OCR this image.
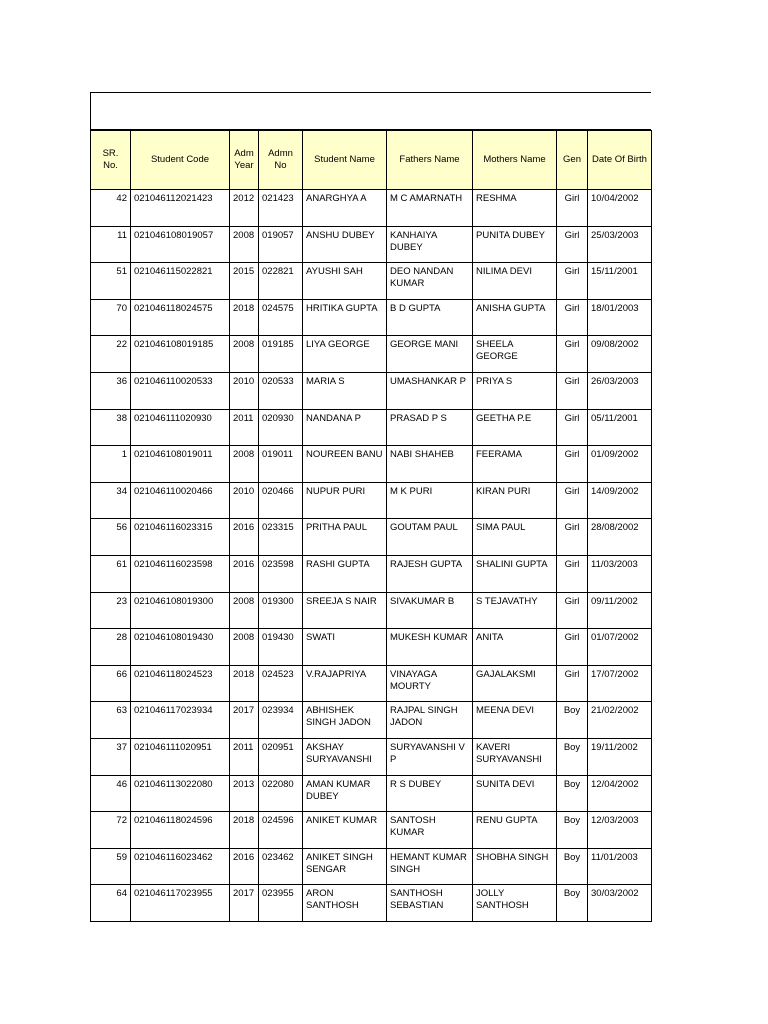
SR. No.	Student Code	Adm Year	Admn No	Student Name	Fathers Name	Mothers Name	Gen	Date Of Birth
42	021046112021423	2012	021423	ANARGHYA A	M C AMARNATH	RESHMA	Girl	10/04/2002
11	021046108019057	2008	019057	ANSHU DUBEY	KANHAIYA DUBEY	PUNITA DUBEY	Girl	25/03/2003
51	021046115022821	2015	022821	AYUSHI SAH	DEO NANDAN KUMAR	NILIMA DEVI	Girl	15/11/2001
70	021046118024575	2018	024575	HRITIKA GUPTA	B D GUPTA	ANISHA GUPTA	Girl	18/01/2003
22	021046108019185	2008	019185	LIYA GEORGE	GEORGE MANI	SHEELA GEORGE	Girl	09/08/2002
36	021046110020533	2010	020533	MARIA S	UMASHANKAR P	PRIYA S	Girl	26/03/2003
38	021046111020930	2011	020930	NANDANA P	PRASAD P S	GEETHA P.E	Girl	05/11/2001
1	021046108019011	2008	019011	NOUREEN BANU	NABI SHAHEB	FEERAMA	Girl	01/09/2002
34	021046110020466	2010	020466	NUPUR PURI	M K PURI	KIRAN PURI	Girl	14/09/2002
56	021046116023315	2016	023315	PRITHA PAUL	GOUTAM PAUL	SIMA PAUL	Girl	28/08/2002
61	021046116023598	2016	023598	RASHI GUPTA	RAJESH GUPTA	SHALINI GUPTA	Girl	11/03/2003
23	021046108019300	2008	019300	SREEJA S NAIR	SIVAKUMAR B	S TEJAVATHY	Girl	09/11/2002
28	021046108019430	2008	019430	SWATI	MUKESH KUMAR	ANITA	Girl	01/07/2002
66	021046118024523	2018	024523	V.RAJAPRIYA	VINAYAGA MOURTY	GAJALAKSMI	Girl	17/07/2002
63	021046117023934	2017	023934	ABHISHEK SINGH JADON	RAJPAL SINGH JADON	MEENA DEVI	Boy	21/02/2002
37	021046111020951	2011	020951	AKSHAY SURYAVANSHI	SURYAVANSHI V P	KAVERI SURYAVANSHI	Boy	19/11/2002
46	021046113022080	2013	022080	AMAN KUMAR DUBEY	R S DUBEY	SUNITA DEVI	Boy	12/04/2002
72	021046118024596	2018	024596	ANIKET KUMAR	SANTOSH KUMAR	RENU GUPTA	Boy	12/03/2003
59	021046116023462	2016	023462	ANIKET SINGH SENGAR	HEMANT KUMAR SINGH	SHOBHA SINGH	Boy	11/01/2003
64	021046117023955	2017	023955	ARON SANTHOSH	SANTHOSH SEBASTIAN	JOLLY SANTHOSH	Boy	30/03/2002
